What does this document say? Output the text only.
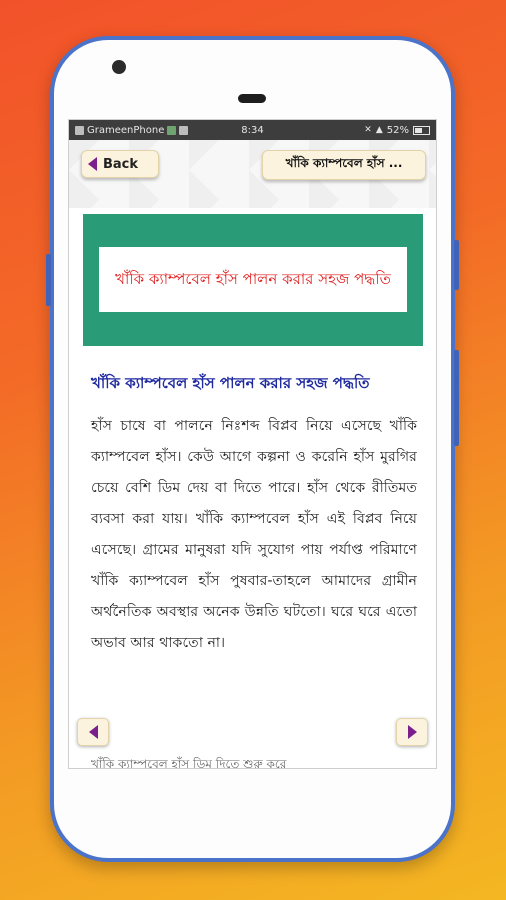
GrameenPhone	8:34	✕ ▲ 52%
Back	খাঁকি ক্যাম্পবেল হাঁস ...
খাঁকি ক্যাম্পবেল হাঁস পালন করার সহজ পদ্ধতি

খাঁকি ক্যাম্পবেল হাঁস পালন করার সহজ পদ্ধতি

হাঁস চাষে বা পালনে নিঃশব্দ বিপ্লব নিয়ে এসেছে খাঁকি ক্যাম্পবেল হাঁস। কেউ আগে কল্পনা ও করেনি হাঁস মুরগির চেয়ে বেশি ডিম দেয় বা দিতে পারে। হাঁস থেকে রীতিমত ব্যবসা করা যায়। খাঁকি ক্যাম্পবেল হাঁস এই বিপ্লব নিয়ে এসেছে। গ্রামের মানুষরা যদি সুযোগ পায় পর্যাপ্ত পরিমাণে খাঁকি ক্যাম্পবেল হাঁস পুষবার-তাহলে আমাদের গ্রামীন অর্থনৈতিক অবস্থার অনেক উন্নতি ঘটতো। ঘরে ঘরে এতো অভাব আর থাকতো না।

খাঁকি ক্যাম্পবেল হাঁস ডিম দিতে শুরু করে
